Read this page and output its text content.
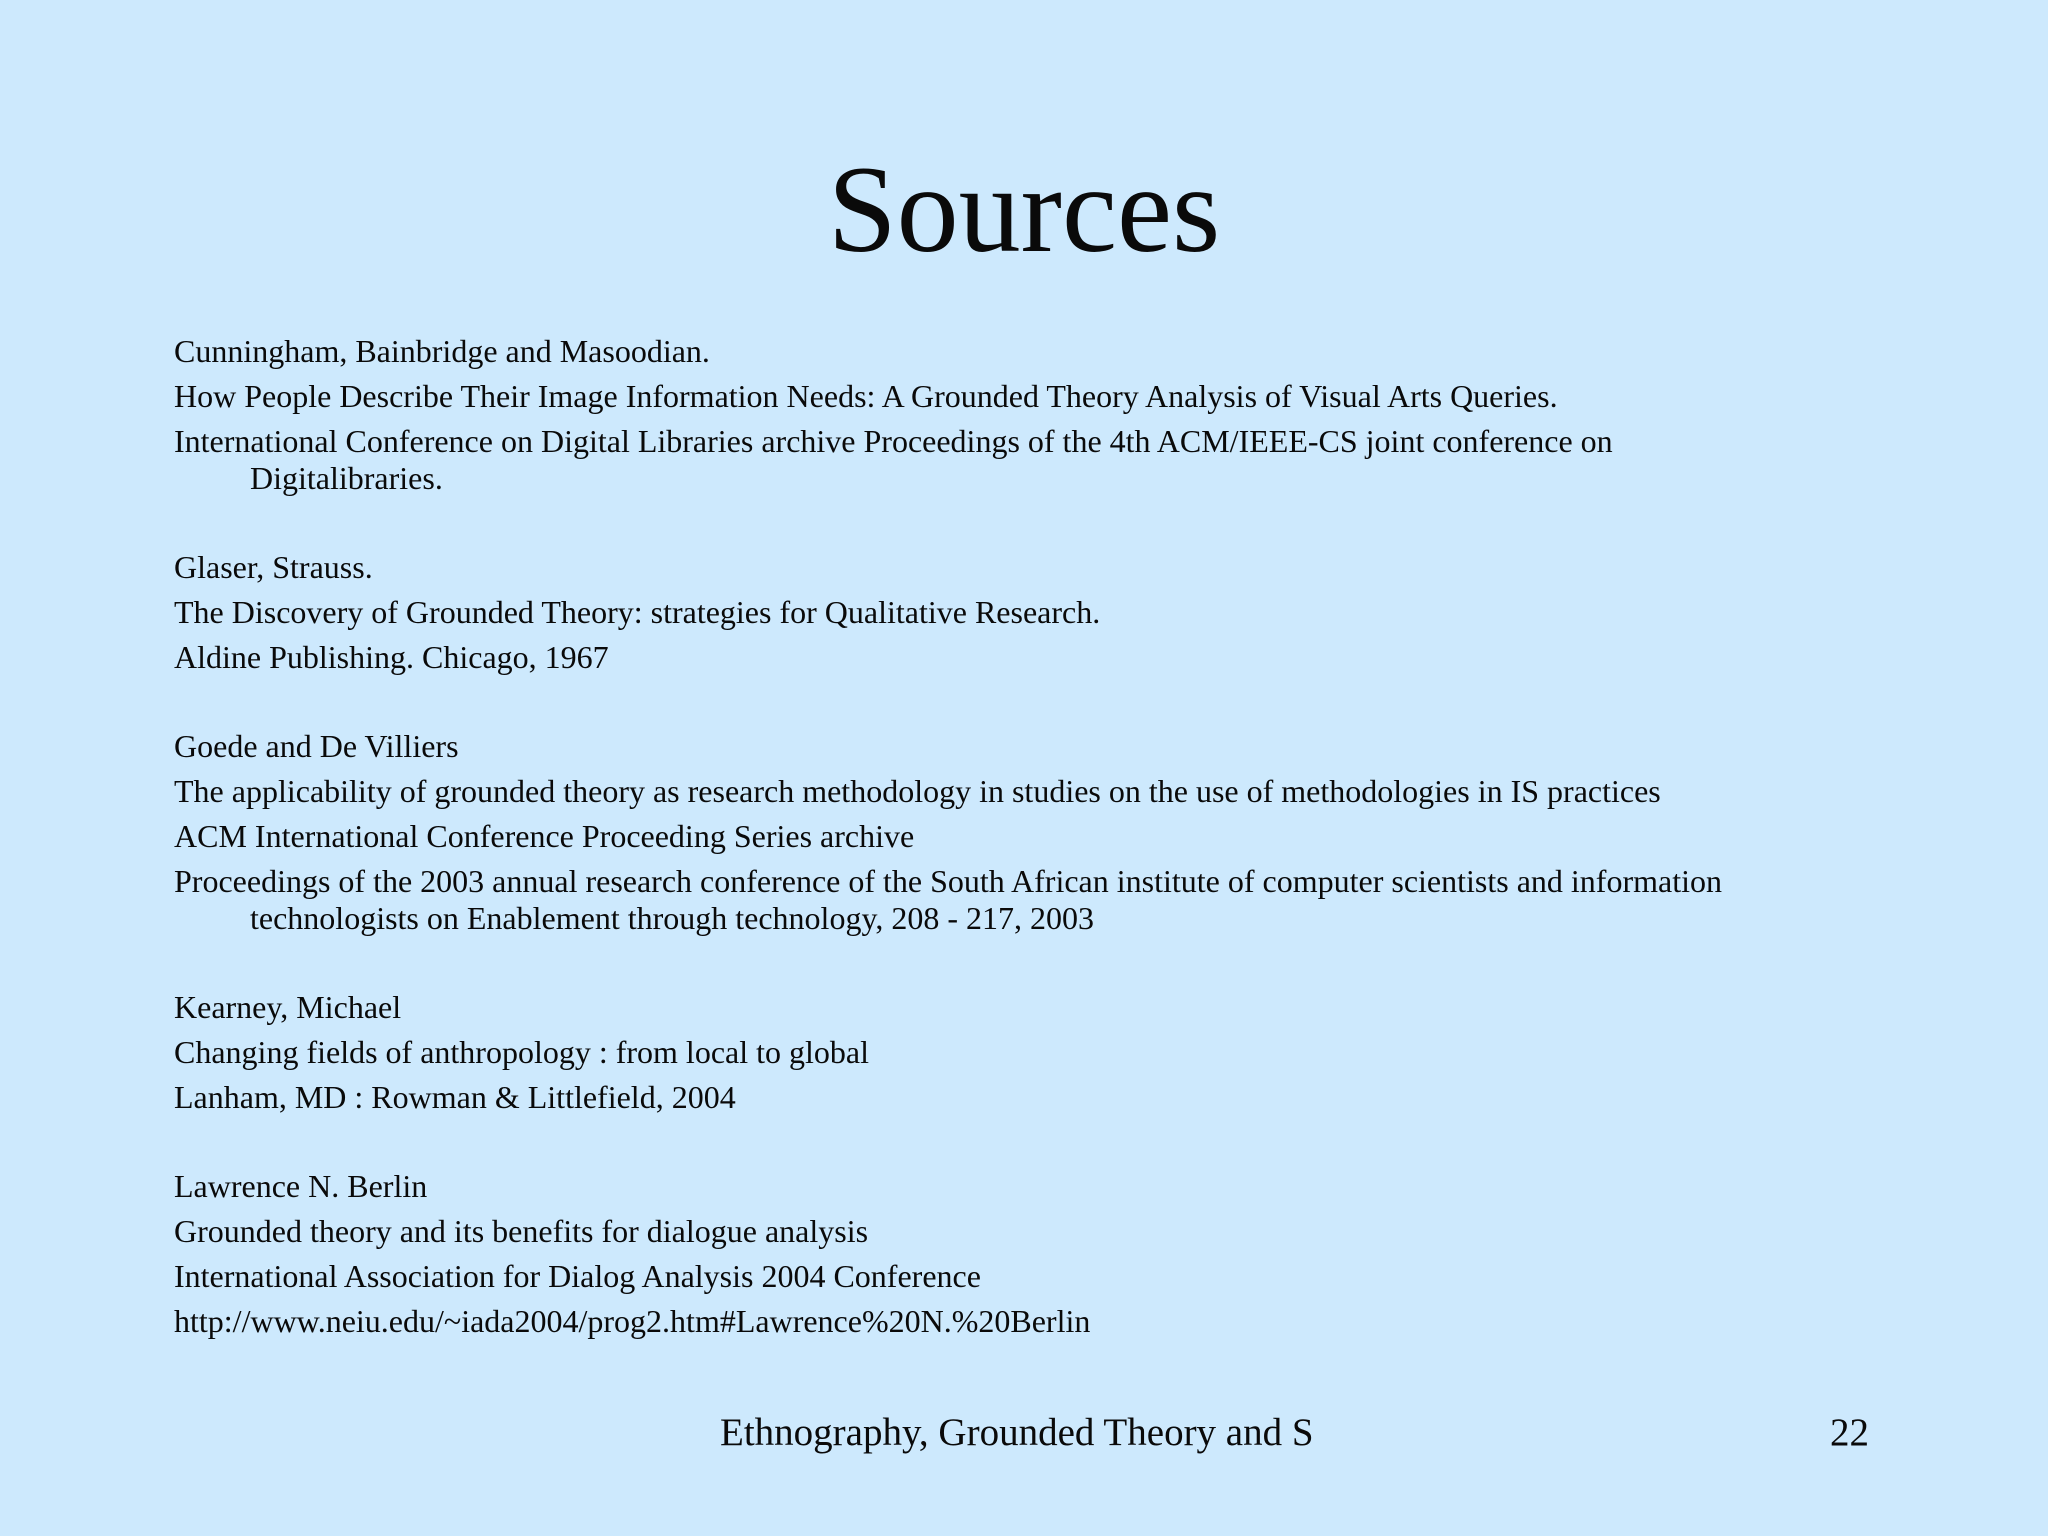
Sources
Cunningham, Bainbridge and Masoodian.
How People Describe Their Image Information Needs: A Grounded Theory Analysis of Visual Arts Queries.
International Conference on Digital Libraries archive Proceedings of the 4th ACM/IEEE-CS joint conference on
Digitalibraries.
Glaser, Strauss.
The Discovery of Grounded Theory: strategies for Qualitative Research.
Aldine Publishing. Chicago, 1967
Goede and De Villiers
The applicability of grounded theory as research methodology in studies on the use of methodologies in IS practices
ACM International Conference Proceeding Series archive
Proceedings of the 2003 annual research conference of the South African institute of computer scientists and information
technologists on Enablement through technology, 208 - 217, 2003
Kearney, Michael
Changing fields of anthropology : from local to global
Lanham, MD : Rowman & Littlefield, 2004
Lawrence N. Berlin
Grounded theory and its benefits for dialogue analysis
International Association for Dialog Analysis 2004 Conference
http://www.neiu.edu/~iada2004/prog2.htm#Lawrence%20N.%20Berlin
Ethnography, Grounded Theory and S	22
